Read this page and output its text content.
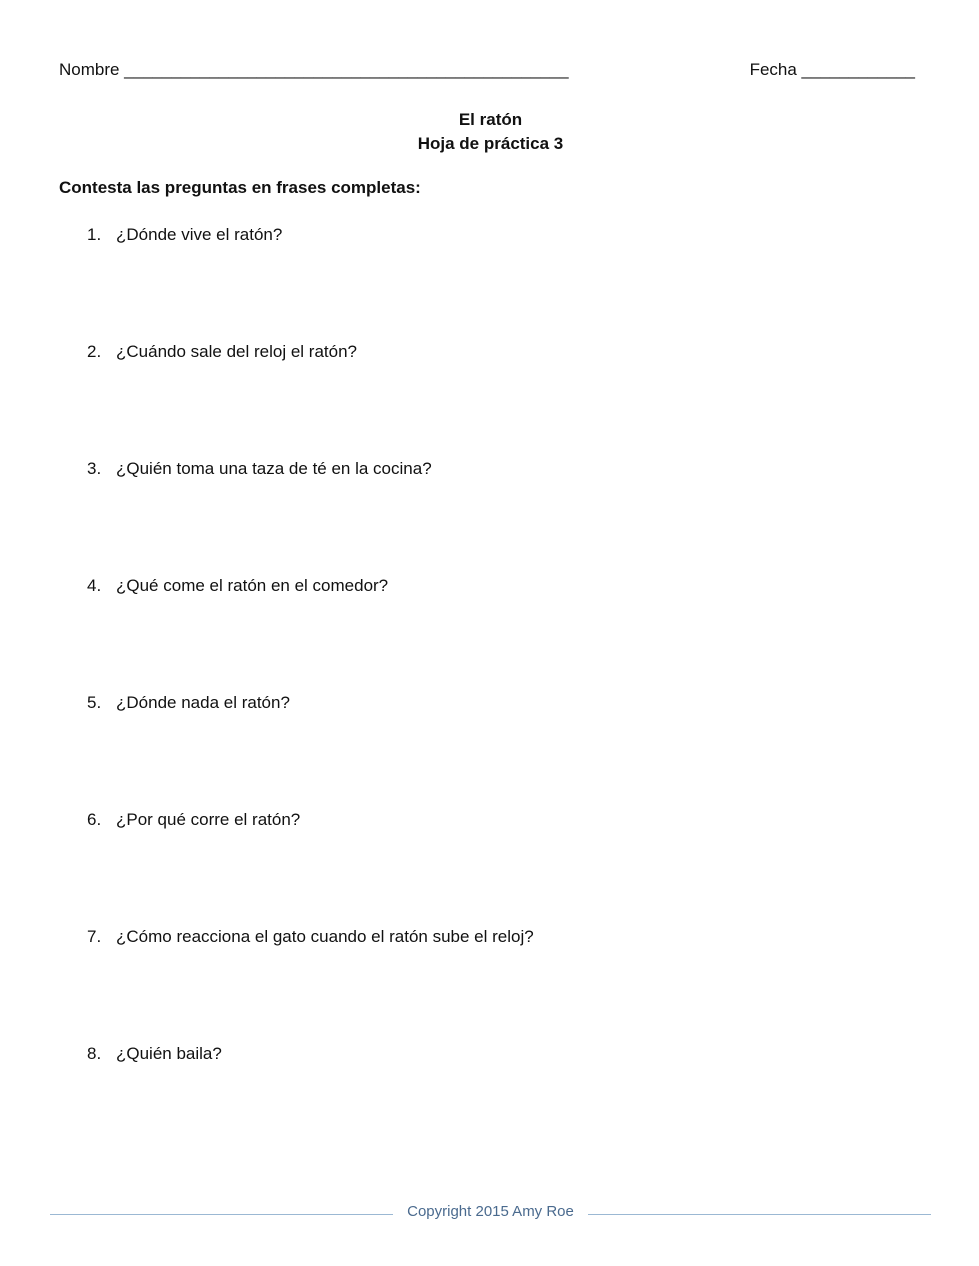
Nombre _______________________________________________	Fecha ____________
El ratón
Hoja de práctica 3
Contesta las preguntas en frases completas:
1. ¿Dónde vive el ratón?
2. ¿Cuándo sale del reloj el ratón?
3. ¿Quién toma una taza de té en la cocina?
4. ¿Qué come el ratón en el comedor?
5. ¿Dónde nada el ratón?
6. ¿Por qué corre el ratón?
7. ¿Cómo reacciona el gato cuando el ratón sube el reloj?
8. ¿Quién baila?
Copyright 2015 Amy Roe
